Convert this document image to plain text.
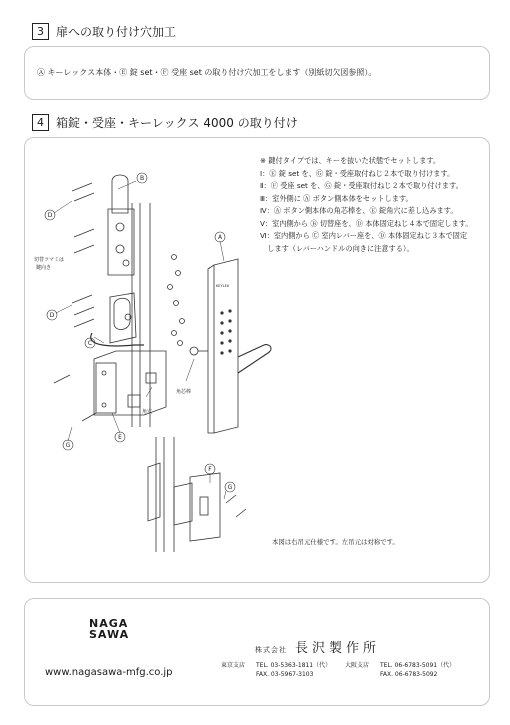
3	扉への取り付け穴加工
Ⓐ キーレックス本体・Ⓔ 錠 set・Ⓕ 受座 set の取り付け穴加工をします（別紙切欠図参照）。
4	箱錠・受座・キーレックス 4000 の取り付け
B
D
D
C
E
G
A
F
G
切替ツマミは
鍵向き
角穴
角芯棒
KEYLEX

※ 鍵付タイプでは、キーを抜いた状態でセットします。

Ⅰ：Ⓔ 錠 set を、Ⓖ 錠・受座取付ねじ２本で取り付けます。

Ⅱ：Ⓕ 受座 set を、Ⓖ 錠・受座取付ねじ２本で取り付けます。

Ⅲ：室外側に Ⓐ ボタン側本体をセットします。

Ⅳ：Ⓐ ボタン側本体の角芯棒を、Ⓔ 錠角穴に差し込みます。

Ⅴ：室内側から Ⓑ 切替座を、Ⓓ 本体固定ねじ４本で固定します。

Ⅵ：室内側から Ⓒ 室内レバー座を、Ⓓ 本体固定ねじ３本で固定

　します（レバーハンドルの向きに注意する）。

本図は右吊元仕様です。左吊元は対称です。
NAGA
SAWA
www.nagasawa-mfg.co.jp
株式会社 長沢製作所
東京支店 TEL. 03-5363-1811（代）
FAX. 03-5967-3103
大阪支店 TEL. 06-6783-5091（代）
FAX. 06-6783-5092
